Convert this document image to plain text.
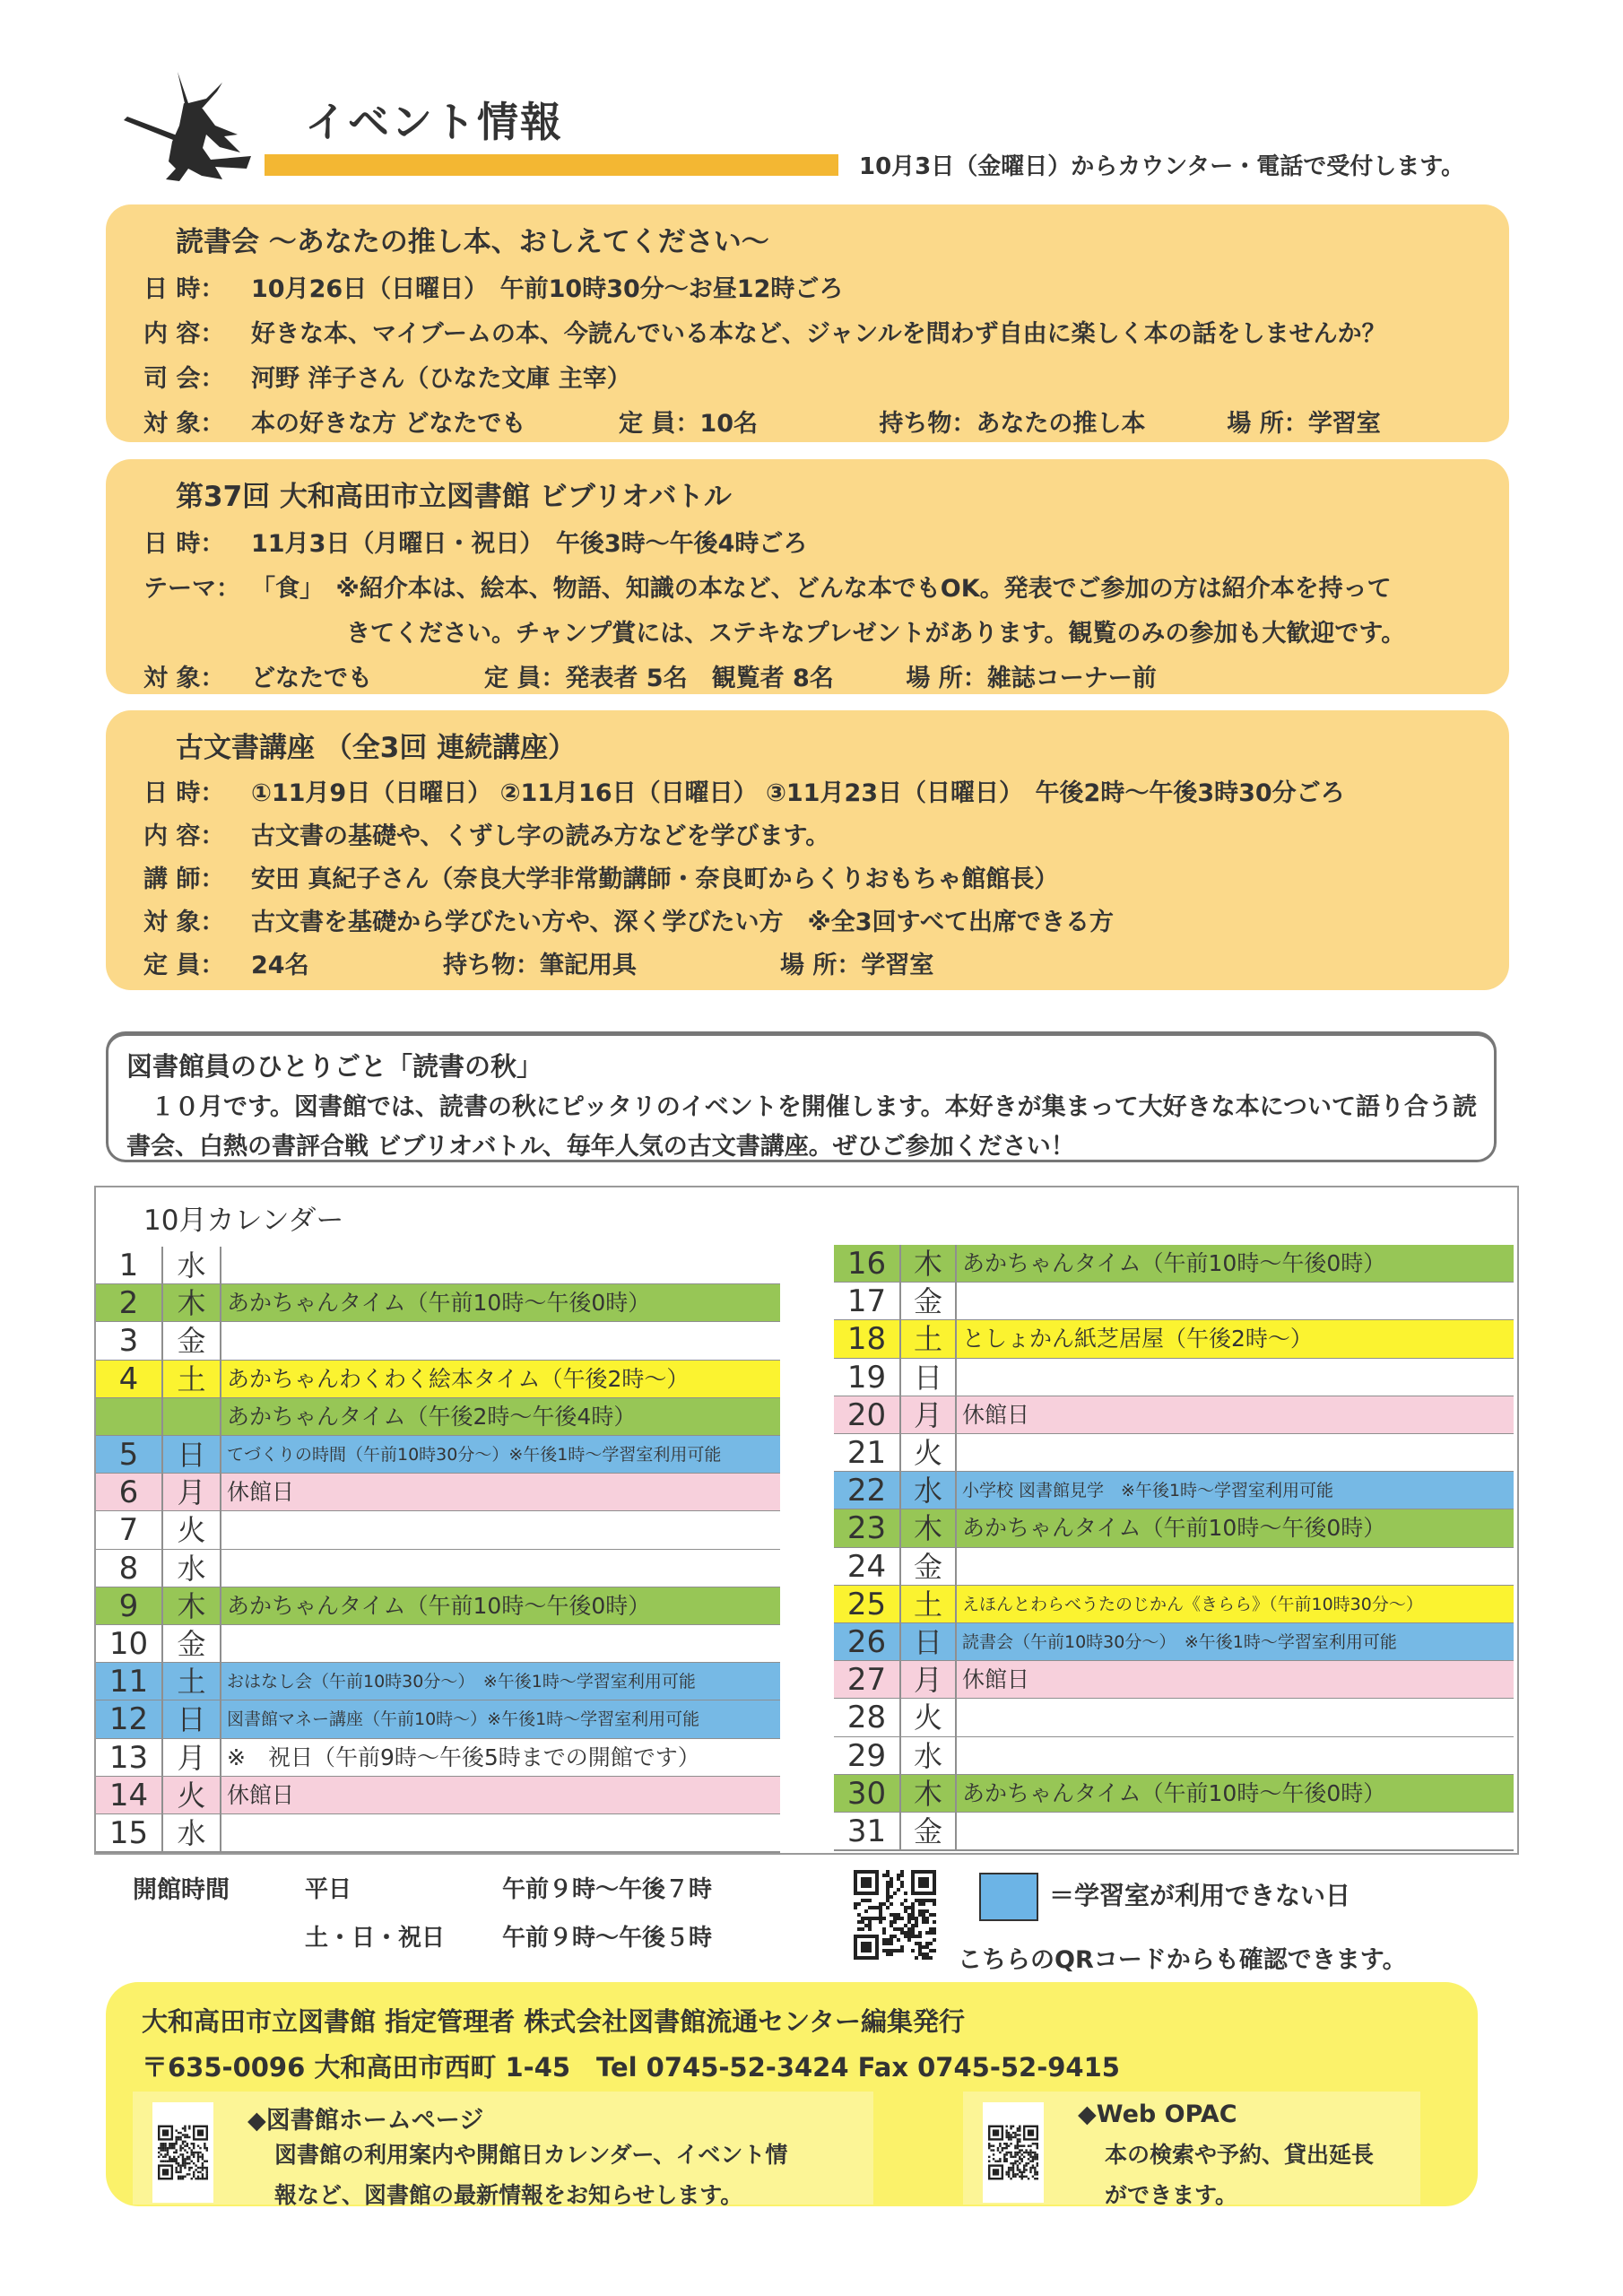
イベント情報
10月3日（金曜日）からカウンター・電話で受付します。
読書会 ～あなたの推し本、おしえてください～
日 時： 10月26日（日曜日）　午前10時30分～お昼12時ごろ
内 容： 好きな本、マイブームの本、今読んでいる本など、ジャンルを問わず自由に楽しく本の話をしませんか？
司 会： 河野 洋子さん（ひなた文庫 主宰）
対 象： 本の好きな方 どなたでも	定 員：10名	持ち物：あなたの推し本	場 所：学習室
第37回 大和高田市立図書館 ビブリオバトル
日 時： 11月3日（月曜日・祝日）　午後3時～午後4時ごろ
テーマ： 「食」　※紹介本は、絵本、物語、知識の本など、どんな本でもOK。発表でご参加の方は紹介本を持って
きてください。チャンプ賞には、ステキなプレゼントがあります。観覧のみの参加も大歓迎です。
対 象： どなたでも	定 員：発表者 5名　観覧者 8名	場 所：雑誌コーナー前
古文書講座 （全3回 連続講座）
日 時： ①11月9日（日曜日） ②11月16日（日曜日） ③11月23日（日曜日）　午後2時～午後3時30分ごろ
内 容： 古文書の基礎や、くずし字の読み方などを学びます。
講 師： 安田 真紀子さん（奈良大学非常勤講師・奈良町からくりおもちゃ館館長）
対 象： 古文書を基礎から学びたい方や、深く学びたい方　※全3回すべて出席できる方
定 員： 24名	持ち物：筆記用具	場 所：学習室
図書館員のひとりごと「読書の秋」
　１０月です。図書館では、読書の秋にピッタリのイベントを開催します。本好きが集まって大好きな本について語り合う読書会、白熱の書評合戦 ビブリオバトル、毎年人気の古文書講座。ぜひご参加ください！
10月カレンダー
1	水
2	木 あかちゃんタイム（午前10時～午後0時）
3	金
4	土 あかちゃんわくわく絵本タイム（午後2時～）
あかちゃんタイム（午後2時～午後4時）
5	日	てづくりの時間（午前10時30分～）※午後1時～学習室利用可能
6	月 休館日
7	火
8	水
9	木 あかちゃんタイム（午前10時～午後0時）
10	金
11	土	おはなし会（午前10時30分～）　※午後1時～学習室利用可能
12	日	図書館マネー講座（午前10時～）※午後1時～学習室利用可能
13	月 ※　祝日（午前9時～午後5時までの開館です）
14	火 休館日
15	水
16 木 あかちゃんタイム（午前10時～午後0時）
17 金
18 土 としょかん紙芝居屋（午後2時～）
19 日
20 月 休館日
21 火
22 水	小学校 図書館見学　※午後1時～学習室利用可能
23 木 あかちゃんタイム（午前10時～午後0時）
24 金
25 土	えほんとわらべうたのじかん《きらら》（午前10時30分～）
26 日	読書会（午前10時30分～）　※午後1時～学習室利用可能
27 月 休館日
28 火
29 水
30 木 あかちゃんタイム（午前10時～午後0時）
31 金
開館時間	平日	午前９時～午後７時
土・日・祝日 午前９時～午後５時
＝学習室が利用できない日
こちらのQRコードからも確認できます。
大和高田市立図書館 指定管理者 株式会社図書館流通センター編集発行
〒635-0096 大和高田市西町 1-45　Tel 0745-52-3424 Fax 0745-52-9415
◆図書館ホームページ
図書館の利用案内や開館日カレンダー、イベント情報など、図書館の最新情報をお知らせします。
◆Web OPAC
本の検索や予約、貸出延長ができます。
